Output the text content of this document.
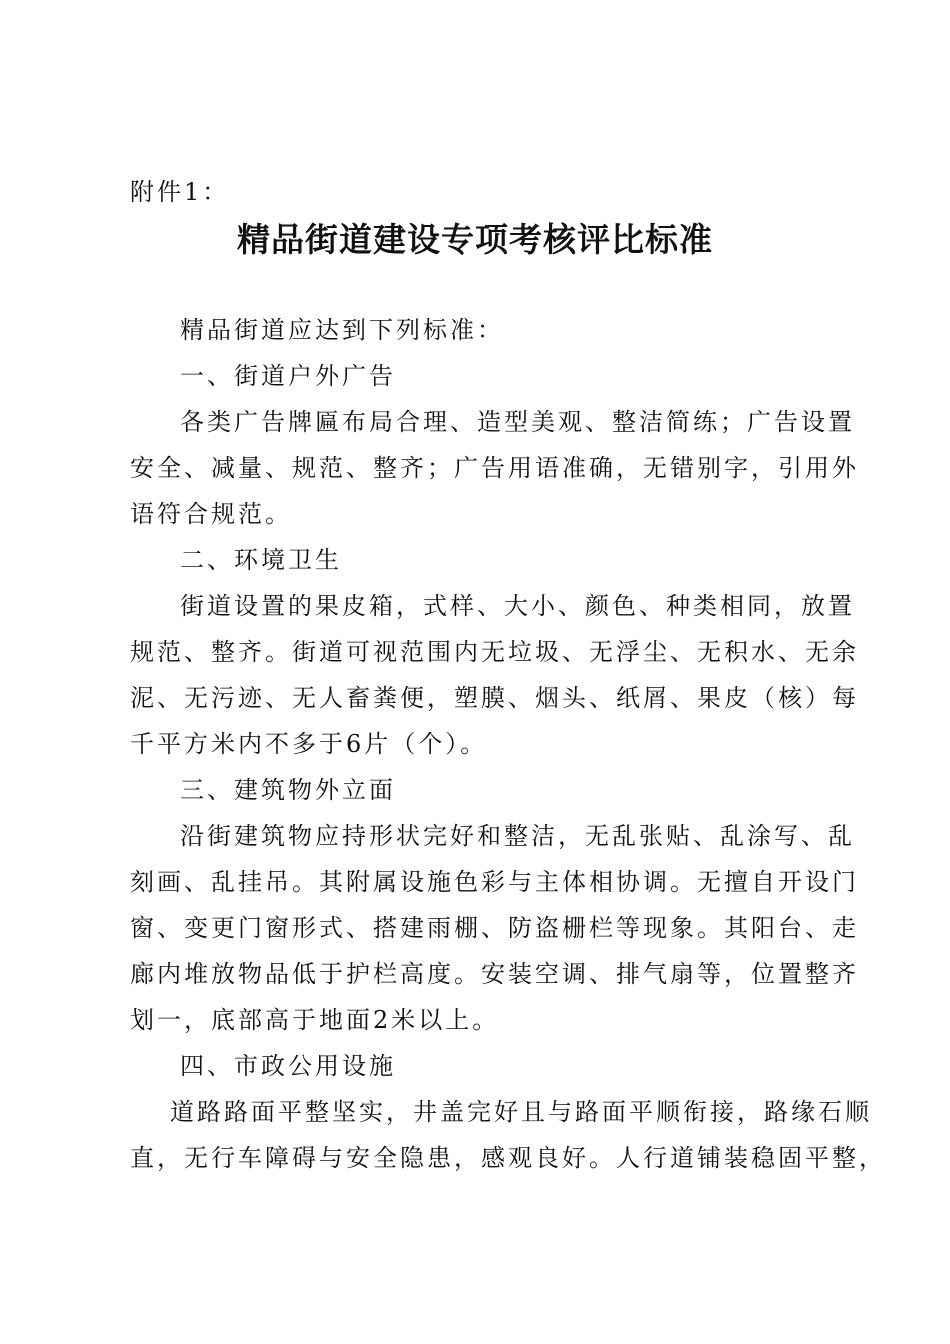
附件1：
精品街道建设专项考核评比标准
精品街道应达到下列标准：
一、街道户外广告
各类广告牌匾布局合理、造型美观、整洁简练；广告设置
安全、减量、规范、整齐；广告用语准确，无错别字，引用外
语符合规范。
二、环境卫生
街道设置的果皮箱，式样、大小、颜色、种类相同，放置
规范、整齐。街道可视范围内无垃圾、无浮尘、无积水、无余
泥、无污迹、无人畜粪便，塑膜、烟头、纸屑、果皮（核）每
千平方米内不多于6片（个）。
三、建筑物外立面
沿街建筑物应持形状完好和整洁，无乱张贴、乱涂写、乱
刻画、乱挂吊。其附属设施色彩与主体相协调。无擅自开设门
窗、变更门窗形式、搭建雨棚、防盗栅栏等现象。其阳台、走
廊内堆放物品低于护栏高度。安装空调、排气扇等，位置整齐
划一，底部高于地面2米以上。
四、市政公用设施
道路路面平整坚实，井盖完好且与路面平顺衔接，路缘石顺
直，无行车障碍与安全隐患，感观良好。人行道铺装稳固平整，
